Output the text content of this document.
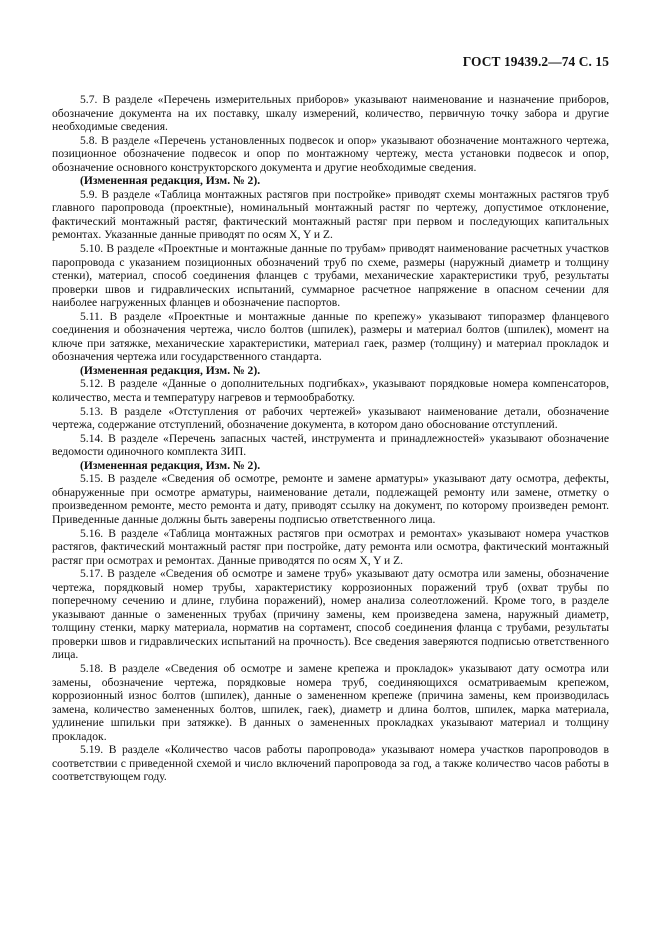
ГОСТ 19439.2—74 С. 15

5.7. В разделе «Перечень измерительных приборов» указывают наименование и назначение приборов, обозначение документа на их поставку, шкалу измерений, количество, первичную точку забора и другие необходимые сведения.

5.8. В разделе «Перечень установленных подвесок и опор» указывают обозначение монтажного чертежа, позиционное обозначение подвесок и опор по монтажному чертежу, места установки подвесок и опор, обозначение основного конструкторского документа и другие необходимые сведения.

(Измененная редакция, Изм. № 2).

5.9. В разделе «Таблица монтажных растягов при постройке» приводят схемы монтажных растягов труб главного паропровода (проектные), номинальный монтажный растяг по чертежу, допустимое отклонение, фактический монтажный растяг, фактический монтажный растяг при первом и последующих капитальных ремонтах. Указанные данные приводят по осям X, Y и Z.

5.10. В разделе «Проектные и монтажные данные по трубам» приводят наименование расчетных участков паропровода с указанием позиционных обозначений труб по схеме, размеры (наружный диаметр и толщину стенки), материал, способ соединения фланцев с трубами, механические характеристики труб, результаты проверки швов и гидравлических испытаний, суммарное расчетное напряжение в опасном сечении для наиболее нагруженных фланцев и обозначение паспортов.

5.11. В разделе «Проектные и монтажные данные по крепежу» указывают типоразмер фланцевого соединения и обозначения чертежа, число болтов (шпилек), размеры и материал болтов (шпилек), момент на ключе при затяжке, механические характеристики, материал гаек, размер (толщину) и материал прокладок и обозначения чертежа или государственного стандарта.

(Измененная редакция, Изм. № 2).

5.12. В разделе «Данные о дополнительных подгибках», указывают порядковые номера компенсаторов, количество, места и температуру нагревов и термообработку.

5.13. В разделе «Отступления от рабочих чертежей» указывают наименование детали, обозначение чертежа, содержание отступлений, обозначение документа, в котором дано обоснование отступлений.

5.14. В разделе «Перечень запасных частей, инструмента и принадлежностей» указывают обозначение ведомости одиночного комплекта ЗИП.

(Измененная редакция, Изм. № 2).

5.15. В разделе «Сведения об осмотре, ремонте и замене арматуры» указывают дату осмотра, дефекты, обнаруженные при осмотре арматуры, наименование детали, подлежащей ремонту или замене, отметку о произведенном ремонте, место ремонта и дату, приводят ссылку на документ, по которому произведен ремонт. Приведенные данные должны быть заверены подписью ответственного лица.

5.16. В разделе «Таблица монтажных растягов при осмотрах и ремонтах» указывают номера участков растягов, фактический монтажный растяг при постройке, дату ремонта или осмотра, фактический монтажный растяг при осмотрах и ремонтах. Данные приводятся по осям X, Y и Z.

5.17. В разделе «Сведения об осмотре и замене труб» указывают дату осмотра или замены, обозначение чертежа, порядковый номер трубы, характеристику коррозионных поражений труб (охват трубы по поперечному сечению и длине, глубина поражений), номер анализа солеотложений. Кроме того, в разделе указывают данные о замененных трубах (причину замены, кем произведена замена, наружный диаметр, толщину стенки, марку материала, норматив на сортамент, способ соединения фланца с трубами, результаты проверки швов и гидравлических испытаний на прочность). Все сведения заверяются подписью ответственного лица.

5.18. В разделе «Сведения об осмотре и замене крепежа и прокладок» указывают дату осмотра или замены, обозначение чертежа, порядковые номера труб, соединяющихся осматриваемым крепежом, коррозионный износ болтов (шпилек), данные о замененном крепеже (причина замены, кем производилась замена, количество замененных болтов, шпилек, гаек), диаметр и длина болтов, шпилек, марка материала, удлинение шпильки при затяжке). В данных о замененных прокладках указывают материал и толщину прокладок.

5.19. В разделе «Количество часов работы паропровода» указывают номера участков паропроводов в соответствии с приведенной схемой и число включений паропровода за год, а также количество часов работы в соответствующем году.
